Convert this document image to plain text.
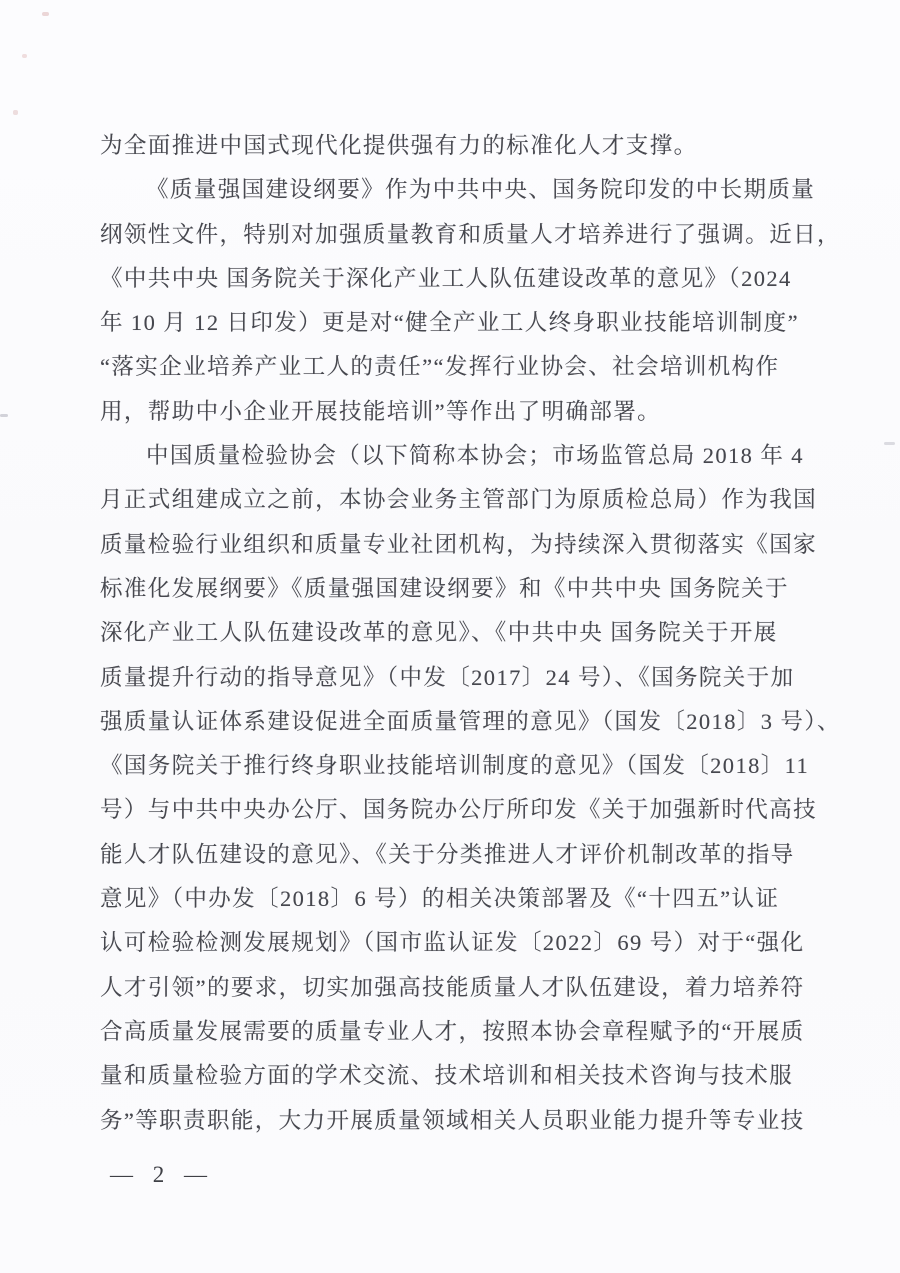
为全面推进中国式现代化提供强有力的标准化人才支撑。
《质量强国建设纲要》作为中共中央、国务院印发的中长期质量
纲领性文件，特别对加强质量教育和质量人才培养进行了强调。近日，
《中共中央 国务院关于深化产业工人队伍建设改革的意见》（2024
年 10 月 12 日印发）更是对“健全产业工人终身职业技能培训制度”
“落实企业培养产业工人的责任”“发挥行业协会、社会培训机构作
用，帮助中小企业开展技能培训”等作出了明确部署。
中国质量检验协会（以下简称本协会；市场监管总局 2018 年 4
月正式组建成立之前，本协会业务主管部门为原质检总局）作为我国
质量检验行业组织和质量专业社团机构，为持续深入贯彻落实《国家
标准化发展纲要》《质量强国建设纲要》和《中共中央 国务院关于
深化产业工人队伍建设改革的意见》、《中共中央 国务院关于开展
质量提升行动的指导意见》（中发〔2017〕24 号）、《国务院关于加
强质量认证体系建设促进全面质量管理的意见》（国发〔2018〕3 号）、
《国务院关于推行终身职业技能培训制度的意见》（国发〔2018〕11
号）与中共中央办公厅、国务院办公厅所印发《关于加强新时代高技
能人才队伍建设的意见》、《关于分类推进人才评价机制改革的指导
意见》（中办发〔2018〕6 号）的相关决策部署及《“十四五”认证
认可检验检测发展规划》（国市监认证发〔2022〕69 号）对于“强化
人才引领”的要求，切实加强高技能质量人才队伍建设，着力培养符
合高质量发展需要的质量专业人才，按照本协会章程赋予的“开展质
量和质量检验方面的学术交流、技术培训和相关技术咨询与技术服
务”等职责职能，大力开展质量领域相关人员职业能力提升等专业技
— 2 —
